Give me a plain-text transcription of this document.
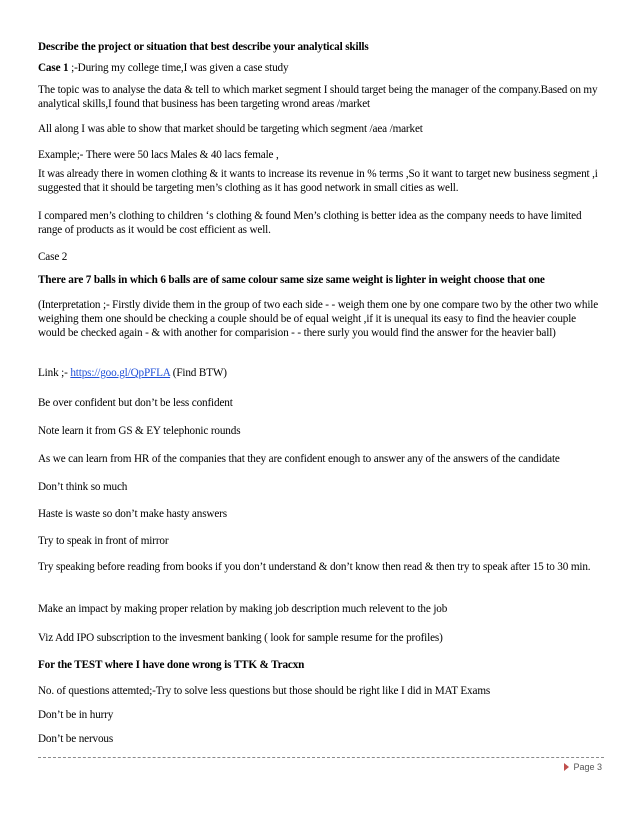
Describe the project or situation that best describe your analytical skills
Case 1 ;-During my college time,I was given a case study
The topic was to analyse the data & tell to which market segment I should target being the manager of the company.Based on my analytical skills,I found that business has been targeting wrond areas /market
All along I was able to show that market should be targeting which segment /aea /market
Example;- There were 50 lacs Males & 40 lacs female ,
It was already there in women clothing & it wants to increase its revenue in % terms ,So it want to target new business segment ,i suggested that it should be targeting men’s clothing as it has good network in small cities as well.
I compared men’s clothing to children ‘s clothing & found Men’s clothing is better idea as the company needs to have limited range of products as it would be cost efficient as well.
Case 2
There are 7 balls in which 6 balls are of same colour same size same weight is lighter in weight choose that one
(Interpretation ;- Firstly divide them in the group of two each side - - weigh them one by one compare two by the other two while weighing them one should be checking a couple should be of equal weight ,if it is unequal its easy to find the heavier couple would be checked again - & with another for comparision - - there surly you would find the answer for the heavier ball)
Link ;- https://goo.gl/QpPFLA (Find BTW)
Be over confident but don’t be less confident
Note learn it from GS & EY telephonic rounds
As we can learn from HR of the companies that they are confident enough to answer any of the answers of the candidate
Don’t think so much
Haste is waste so don’t make hasty answers
Try to speak in front of mirror
Try speaking before reading from books if you don’t understand & don’t know then read & then try to speak after 15 to 30 min.
Make an impact by making proper relation by making job description much relevent to the job
Viz Add IPO subscription to the invesment banking ( look for sample resume for the profiles)
For the TEST where I have done wrong is TTK & Tracxn
No. of questions attemted;-Try to solve less questions but those should be right like I did in MAT Exams
Don’t be in hurry
Don’t be nervous
Page 3
